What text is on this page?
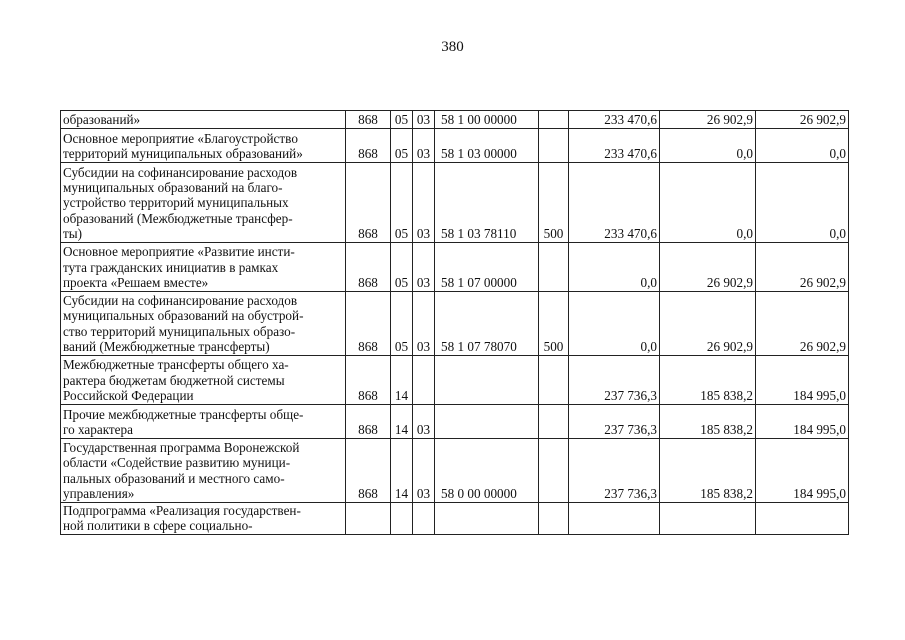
380
образований»	868	05	03	58 1 00 00000		233 470,6	26 902,9	26 902,9
Основное мероприятие «Благоустройство
территорий муниципальных образований»	868	05	03	58 1 03 00000		233 470,6	0,0	0,0
Субсидии на софинансирование расходов
муниципальных образований на благо-
устройство территорий муниципальных
образований (Межбюджетные трансфер-
ты)	868	05	03	58 1 03 78110	500	233 470,6	0,0	0,0
Основное мероприятие «Развитие инсти-
тута гражданских инициатив в рамках
проекта «Решаем вместе»	868	05	03	58 1 07 00000		0,0	26 902,9	26 902,9
Субсидии на софинансирование расходов
муниципальных образований на обустрой-
ство территорий муниципальных образо-
ваний (Межбюджетные трансферты)	868	05	03	58 1 07 78070	500	0,0	26 902,9	26 902,9
Межбюджетные трансферты общего ха-
рактера бюджетам бюджетной системы
Российской Федерации	868	14				237 736,3	185 838,2	184 995,0
Прочие межбюджетные трансферты обще-
го характера	868	14	03			237 736,3	185 838,2	184 995,0
Государственная программа Воронежской
области «Содействие развитию муници-
пальных образований и местного само-
управления»	868	14	03	58 0 00 00000		237 736,3	185 838,2	184 995,0
Подпрограмма «Реализация государствен-
ной политики в сфере социально-								
